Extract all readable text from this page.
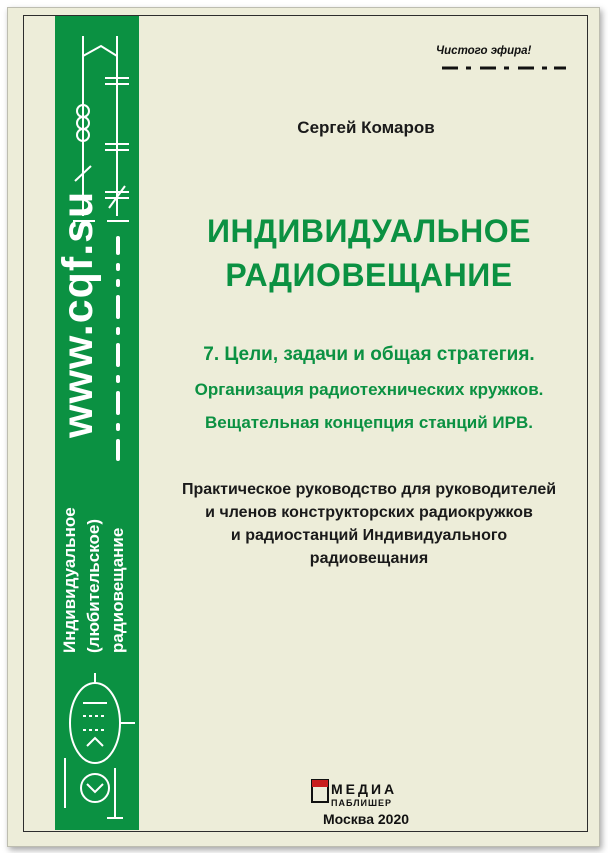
www.cqf.su
Индивидуальное (любительское) радиовещание
Чистого эфира!
Сергей Комаров
ИНДИВИДУАЛЬНОЕ
РАДИОВЕЩАНИЕ
7. Цели, задачи и общая стратегия.
Организация радиотехнических кружков.
Вещательная концепция станций ИРВ.
Практическое руководство для руководителей
и членов конструкторских радиокружков
и радиостанций Индивидуального
радиовещания
МЕДИА
ПАБЛИШЕР
Москва 2020
